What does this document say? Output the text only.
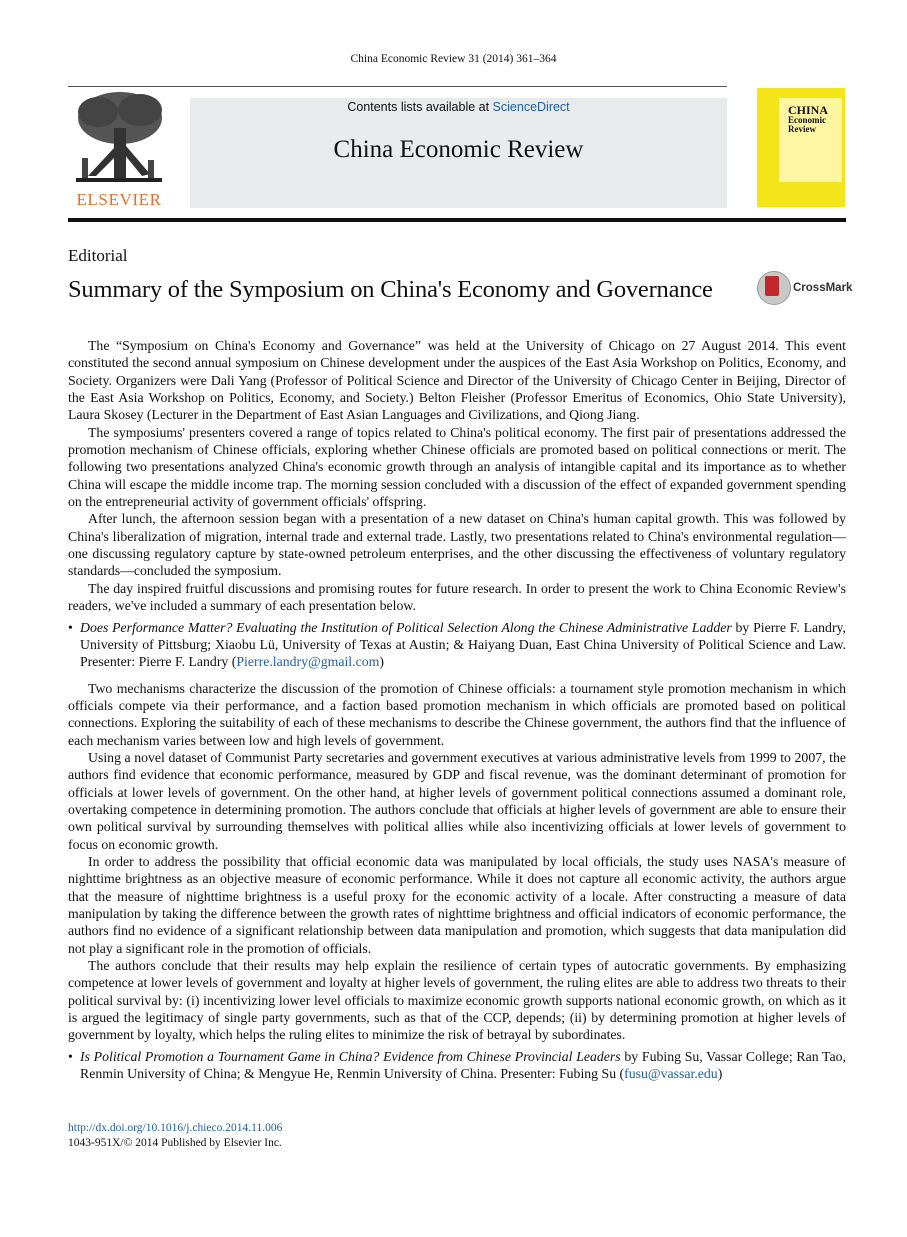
China Economic Review 31 (2014) 361–364
ELSEVIER
Contents lists available at ScienceDirect
China Economic Review
CHINA
Economic
Review
Editorial
Summary of the Symposium on China's Economy and Governance	CrossMark

The “Symposium on China's Economy and Governance” was held at the University of Chicago on 27 August 2014. This event constituted the second annual symposium on Chinese development under the auspices of the East Asia Workshop on Politics, Economy, and Society. Organizers were Dali Yang (Professor of Political Science and Director of the University of Chicago Center in Beijing, Director of the East Asia Workshop on Politics, Economy, and Society.) Belton Fleisher (Professor Emeritus of Economics, Ohio State University), Laura Skosey (Lecturer in the Department of East Asian Languages and Civilizations, and Qiong Jiang.

The symposiums' presenters covered a range of topics related to China's political economy. The first pair of presentations addressed the promotion mechanism of Chinese officials, exploring whether Chinese officials are promoted based on political connections or merit. The following two presentations analyzed China's economic growth through an analysis of intangible capital and its importance as to whether China will escape the middle income trap. The morning session concluded with a discussion of the effect of expanded government spending on the entrepreneurial activity of government officials' offspring.

After lunch, the afternoon session began with a presentation of a new dataset on China's human capital growth. This was followed by China's liberalization of migration, internal trade and external trade. Lastly, two presentations related to China's environmental regulation—one discussing regulatory capture by state-owned petroleum enterprises, and the other discussing the effectiveness of voluntary regulatory standards—concluded the symposium.

The day inspired fruitful discussions and promising routes for future research. In order to present the work to China Economic Review's readers, we've included a summary of each presentation below.

• Does Performance Matter? Evaluating the Institution of Political Selection Along the Chinese Administrative Ladder by Pierre F. Landry, University of Pittsburg; Xiaobu Lü, University of Texas at Austin; & Haiyang Duan, East China University of Political Science and Law. Presenter: Pierre F. Landry (Pierre.landry@gmail.com)

Two mechanisms characterize the discussion of the promotion of Chinese officials: a tournament style promotion mechanism in which officials compete via their performance, and a faction based promotion mechanism in which officials are promoted based on political connections. Exploring the suitability of each of these mechanisms to describe the Chinese government, the authors find that the influence of each mechanism varies between low and high levels of government.

Using a novel dataset of Communist Party secretaries and government executives at various administrative levels from 1999 to 2007, the authors find evidence that economic performance, measured by GDP and fiscal revenue, was the dominant determinant of promotion for officials at lower levels of government. On the other hand, at higher levels of government political connections assumed a dominant role, overtaking competence in determining promotion. The authors conclude that officials at higher levels of government are able to ensure their own political survival by surrounding themselves with political allies while also incentivizing officials at lower levels of government to focus on economic growth.

In order to address the possibility that official economic data was manipulated by local officials, the study uses NASA's measure of nighttime brightness as an objective measure of economic performance. While it does not capture all economic activity, the authors argue that the measure of nighttime brightness is a useful proxy for the economic activity of a locale. After constructing a measure of data manipulation by taking the difference between the growth rates of nighttime brightness and official indicators of economic performance, the authors find no evidence of a significant relationship between data manipulation and promotion, which suggests that data manipulation did not play a significant role in the promotion of officials.

The authors conclude that their results may help explain the resilience of certain types of autocratic governments. By emphasizing competence at lower levels of government and loyalty at higher levels of government, the ruling elites are able to address two threats to their political survival by: (i) incentivizing lower level officials to maximize economic growth supports national economic growth, on which as it is argued the legitimacy of single party governments, such as that of the CCP, depends; (ii) by determining promotion at higher levels of government by loyalty, which helps the ruling elites to minimize the risk of betrayal by subordinates.

• Is Political Promotion a Tournament Game in China? Evidence from Chinese Provincial Leaders by Fubing Su, Vassar College; Ran Tao, Renmin University of China; & Mengyue He, Renmin University of China. Presenter: Fubing Su (fusu@vassar.edu)
http://dx.doi.org/10.1016/j.chieco.2014.11.006
1043-951X/© 2014 Published by Elsevier Inc.
